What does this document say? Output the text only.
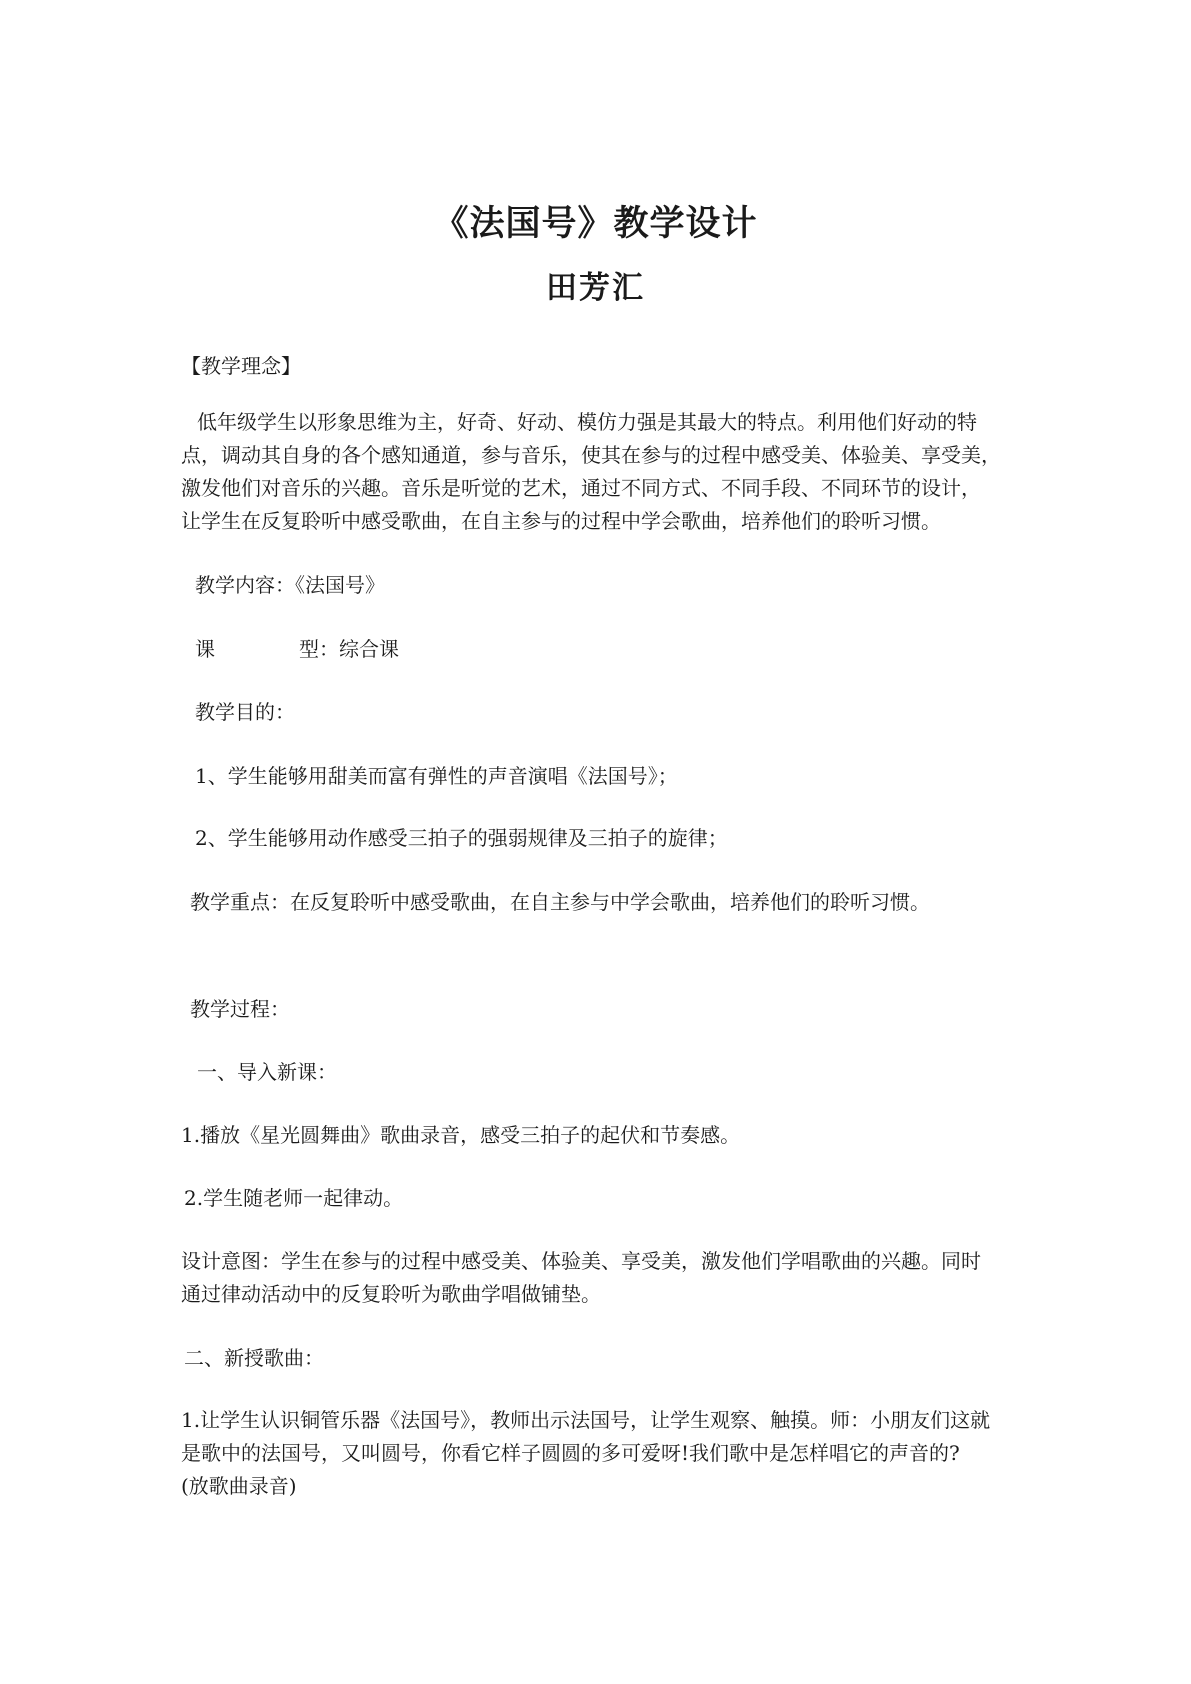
《法国号》教学设计
田芳汇
【教学理念】
低年级学生以形象思维为主，好奇、好动、模仿力强是其最大的特点。利用他们好动的特
点，调动其自身的各个感知通道，参与音乐，使其在参与的过程中感受美、体验美、享受美，
激发他们对音乐的兴趣。音乐是听觉的艺术，通过不同方式、不同手段、不同环节的设计，
让学生在反复聆听中感受歌曲，在自主参与的过程中学会歌曲，培养他们的聆听习惯。
教学内容：《法国号》
课	型：综合课
教学目的：
1、学生能够用甜美而富有弹性的声音演唱《法国号》；
2、学生能够用动作感受三拍子的强弱规律及三拍子的旋律；
教学重点：在反复聆听中感受歌曲，在自主参与中学会歌曲，培养他们的聆听习惯。
教学过程：
一、导入新课：
1.播放《星光圆舞曲》歌曲录音，感受三拍子的起伏和节奏感。
2.学生随老师一起律动。
设计意图：学生在参与的过程中感受美、体验美、享受美，激发他们学唱歌曲的兴趣。同时
通过律动活动中的反复聆听为歌曲学唱做铺垫。
二、新授歌曲：
1.让学生认识铜管乐器《法国号》，教师出示法国号，让学生观察、触摸。师：小朋友们这就
是歌中的法国号，又叫圆号，你看它样子圆圆的多可爱呀!我们歌中是怎样唱它的声音的?
(放歌曲录音)
